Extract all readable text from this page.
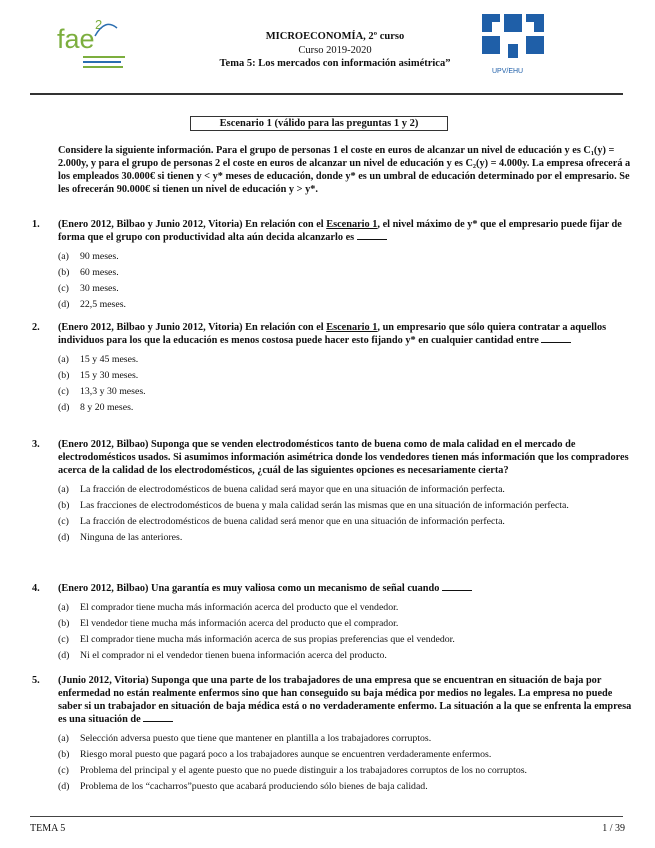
fae 2
MICROECONOMÍA, 2º curso
Curso 2019-2020
Tema 5: Los mercados con información asimétrica”
UPV/EHU
Escenario 1 (válido para las preguntas 1 y 2)
Considere la siguiente información. Para el grupo de personas 1 el coste en euros de alcanzar un nivel de educación y es C₁(y) = 2.000y, y para el grupo de personas 2 el coste en euros de alcanzar un nivel de educación y es C₂(y) = 4.000y. La empresa ofrecerá a los empleados 30.000€ si tienen y < y* meses de educación, donde y* es un umbral de educación determinado por el empresario. Se les ofrecerán 90.000€ si tienen un nivel de educación y > y*.
1. (Enero 2012, Bilbao y Junio 2012, Vitoria) En relación con el Escenario 1, el nivel máximo de y* que el empresario puede fijar de forma que el grupo con productividad alta aún decida alcanzarlo es
(a) 90 meses.
(b) 60 meses.
(c) 30 meses.
(d) 22,5 meses.
2. (Enero 2012, Bilbao y Junio 2012, Vitoria) En relación con el Escenario 1, un empresario que sólo quiera contratar a aquellos individuos para los que la educación es menos costosa puede hacer esto fijando y* en cualquier cantidad entre
(a) 15 y 45 meses.
(b) 15 y 30 meses.
(c) 13,3 y 30 meses.
(d) 8 y 20 meses.
3. (Enero 2012, Bilbao) Suponga que se venden electrodomésticos tanto de buena como de mala calidad en el mercado de electrodomésticos usados. Si asumimos información asimétrica donde los vendedores tienen más información que los compradores acerca de la calidad de los electrodomésticos, ¿cuál de las siguientes opciones es necesariamente cierta?
(a) La fracción de electrodomésticos de buena calidad será mayor que en una situación de información perfecta.
(b) Las fracciones de electrodomésticos de buena y mala calidad serán las mismas que en una situación de información perfecta.
(c) La fracción de electrodomésticos de buena calidad será menor que en una situación de información perfecta.
(d) Ninguna de las anteriores.
4. (Enero 2012, Bilbao) Una garantía es muy valiosa como un mecanismo de señal cuando
(a) El comprador tiene mucha más información acerca del producto que el vendedor.
(b) El vendedor tiene mucha más información acerca del producto que el comprador.
(c) El comprador tiene mucha más información acerca de sus propias preferencias que el vendedor.
(d) Ni el comprador ni el vendedor tienen buena información acerca del producto.
5. (Junio 2012, Vitoria) Suponga que una parte de los trabajadores de una empresa que se encuentran en situación de baja por enfermedad no están realmente enfermos sino que han conseguido su baja médica por medios no legales. La empresa no puede saber si un trabajador en situación de baja médica está o no verdaderamente enfermo. La situación a la que se enfrenta la empresa es una situación de
(a) Selección adversa puesto que tiene que mantener en plantilla a los trabajadores corruptos.
(b) Riesgo moral puesto que pagará poco a los trabajadores aunque se encuentren verdaderamente enfermos.
(c) Problema del principal y el agente puesto que no puede distinguir a los trabajadores corruptos de los no corruptos.
(d) Problema de los “cacharros”puesto que acabará produciendo sólo bienes de baja calidad.
TEMA 5	1 / 39
